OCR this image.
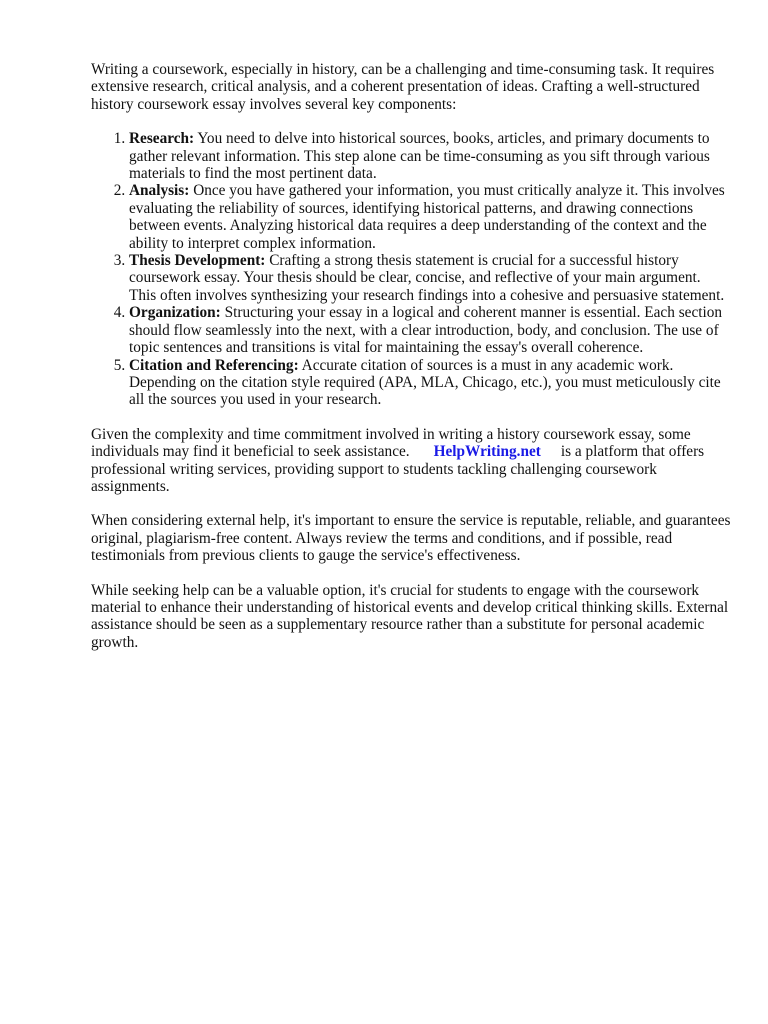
Writing a coursework, especially in history, can be a challenging and time-consuming task. It requires extensive research, critical analysis, and a coherent presentation of ideas. Crafting a well-structured history coursework essay involves several key components:

1. Research: You need to delve into historical sources, books, articles, and primary documents to gather relevant information. This step alone can be time-consuming as you sift through various materials to find the most pertinent data.
2. Analysis: Once you have gathered your information, you must critically analyze it. This involves evaluating the reliability of sources, identifying historical patterns, and drawing connections between events. Analyzing historical data requires a deep understanding of the context and the ability to interpret complex information.
3. Thesis Development: Crafting a strong thesis statement is crucial for a successful history coursework essay. Your thesis should be clear, concise, and reflective of your main argument. This often involves synthesizing your research findings into a cohesive and persuasive statement.
4. Organization: Structuring your essay in a logical and coherent manner is essential. Each section should flow seamlessly into the next, with a clear introduction, body, and conclusion. The use of topic sentences and transitions is vital for maintaining the essay's overall coherence.
5. Citation and Referencing: Accurate citation of sources is a must in any academic work. Depending on the citation style required (APA, MLA, Chicago, etc.), you must meticulously cite all the sources you used in your research.

Given the complexity and time commitment involved in writing a history coursework essay, some individuals may find it beneficial to seek assistance. HelpWriting.net is a platform that offers professional writing services, providing support to students tackling challenging coursework assignments.

When considering external help, it's important to ensure the service is reputable, reliable, and guarantees original, plagiarism-free content. Always review the terms and conditions, and if possible, read testimonials from previous clients to gauge the service's effectiveness.

While seeking help can be a valuable option, it's crucial for students to engage with the coursework material to enhance their understanding of historical events and develop critical thinking skills. External assistance should be seen as a supplementary resource rather than a substitute for personal academic growth.
